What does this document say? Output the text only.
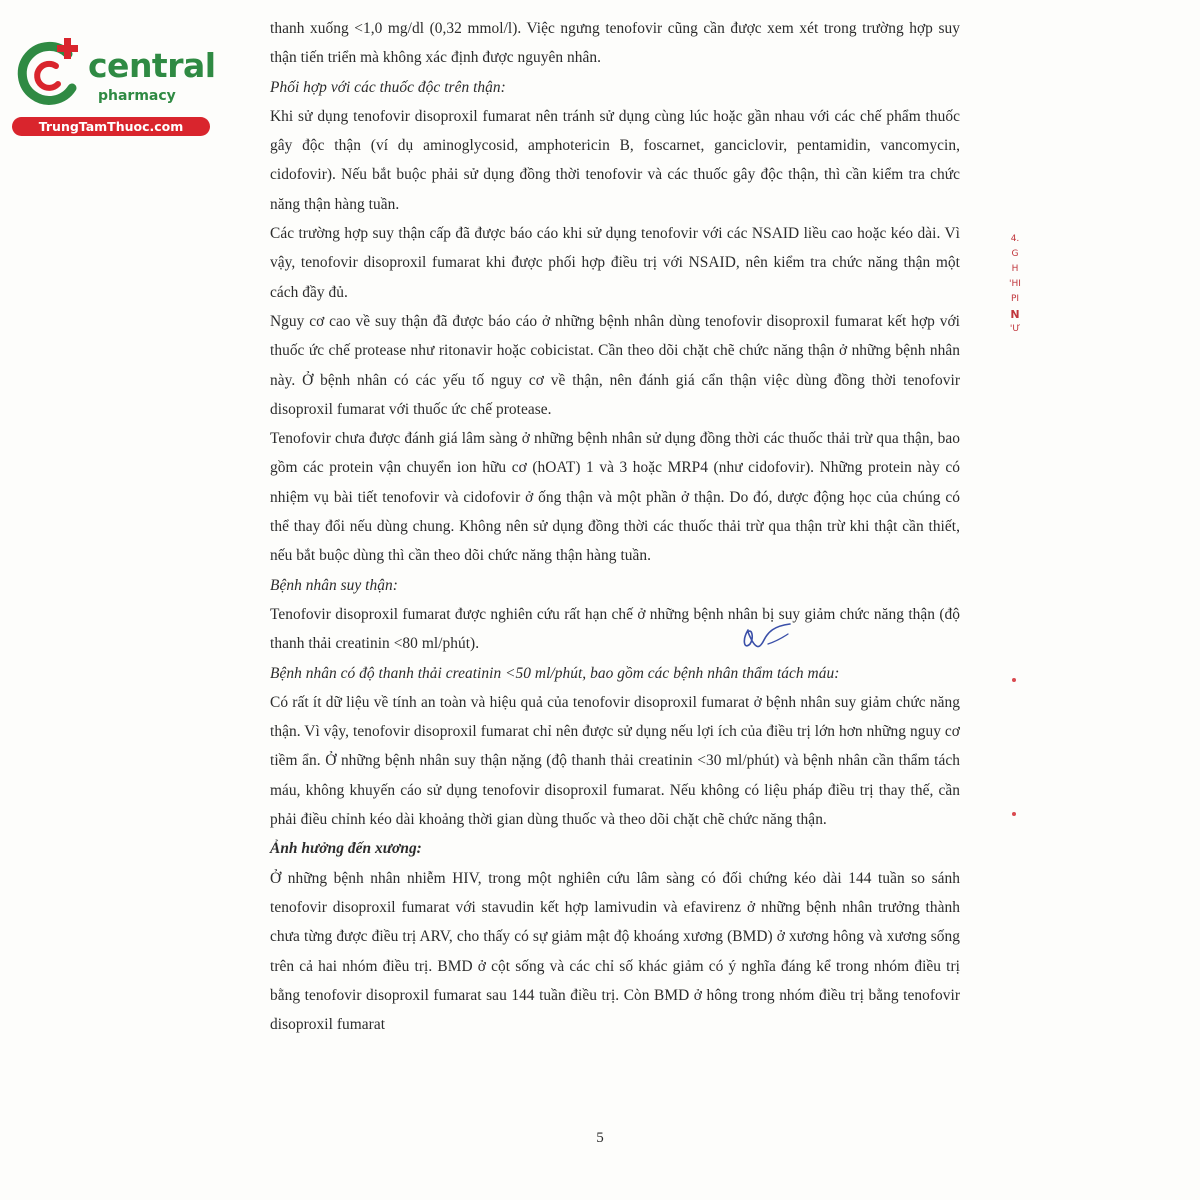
central
pharmacy
TrungTamThuoc.com

thanh xuống <1,0 mg/dl (0,32 mmol/l). Việc ngưng tenofovir cũng cần được xem xét trong trường hợp suy thận tiến triển mà không xác định được nguyên nhân.

Phối hợp với các thuốc độc trên thận:

Khi sử dụng tenofovir disoproxil fumarat nên tránh sử dụng cùng lúc hoặc gần nhau với các chế phẩm thuốc gây độc thận (ví dụ aminoglycosid, amphotericin B, foscarnet, ganciclovir, pentamidin, vancomycin, cidofovir). Nếu bắt buộc phải sử dụng đồng thời tenofovir và các thuốc gây độc thận, thì cần kiểm tra chức năng thận hàng tuần.

Các trường hợp suy thận cấp đã được báo cáo khi sử dụng tenofovir với các NSAID liều cao hoặc kéo dài. Vì vậy, tenofovir disoproxil fumarat khi được phối hợp điều trị với NSAID, nên kiểm tra chức năng thận một cách đầy đủ.

Nguy cơ cao về suy thận đã được báo cáo ở những bệnh nhân dùng tenofovir disoproxil fumarat kết hợp với thuốc ức chế protease như ritonavir hoặc cobicistat. Cần theo dõi chặt chẽ chức năng thận ở những bệnh nhân này. Ở bệnh nhân có các yếu tố nguy cơ về thận, nên đánh giá cẩn thận việc dùng đồng thời tenofovir disoproxil fumarat với thuốc ức chế protease.

Tenofovir chưa được đánh giá lâm sàng ở những bệnh nhân sử dụng đồng thời các thuốc thải trừ qua thận, bao gồm các protein vận chuyển ion hữu cơ (hOAT) 1 và 3 hoặc MRP4 (như cidofovir). Những protein này có nhiệm vụ bài tiết tenofovir và cidofovir ở ống thận và một phần ở thận. Do đó, dược động học của chúng có thể thay đổi nếu dùng chung. Không nên sử dụng đồng thời các thuốc thải trừ qua thận trừ khi thật cần thiết, nếu bắt buộc dùng thì cần theo dõi chức năng thận hàng tuần.

Bệnh nhân suy thận:

Tenofovir disoproxil fumarat được nghiên cứu rất hạn chế ở những bệnh nhân bị suy giảm chức năng thận (độ thanh thải creatinin <80 ml/phút).

Bệnh nhân có độ thanh thải creatinin <50 ml/phút, bao gồm các bệnh nhân thẩm tách máu:

Có rất ít dữ liệu về tính an toàn và hiệu quả của tenofovir disoproxil fumarat ở bệnh nhân suy giảm chức năng thận. Vì vậy, tenofovir disoproxil fumarat chỉ nên được sử dụng nếu lợi ích của điều trị lớn hơn những nguy cơ tiềm ẩn. Ở những bệnh nhân suy thận nặng (độ thanh thải creatinin <30 ml/phút) và bệnh nhân cần thẩm tách máu, không khuyến cáo sử dụng tenofovir disoproxil fumarat. Nếu không có liệu pháp điều trị thay thế, cần phải điều chỉnh kéo dài khoảng thời gian dùng thuốc và theo dõi chặt chẽ chức năng thận.

Ảnh hưởng đến xương:

Ở những bệnh nhân nhiễm HIV, trong một nghiên cứu lâm sàng có đối chứng kéo dài 144 tuần so sánh tenofovir disoproxil fumarat với stavudin kết hợp lamivudin và efavirenz ở những bệnh nhân trưởng thành chưa từng được điều trị ARV, cho thấy có sự giảm mật độ khoáng xương (BMD) ở xương hông và xương sống trên cả hai nhóm điều trị. BMD ở cột sống và các chỉ số khác giảm có ý nghĩa đáng kể trong nhóm điều trị bằng tenofovir disoproxil fumarat sau 144 tuần điều trị. Còn BMD ở hông trong nhóm điều trị bằng tenofovir disoproxil fumarat

5
4.
G
H
'HI
PI
N
'Ư
